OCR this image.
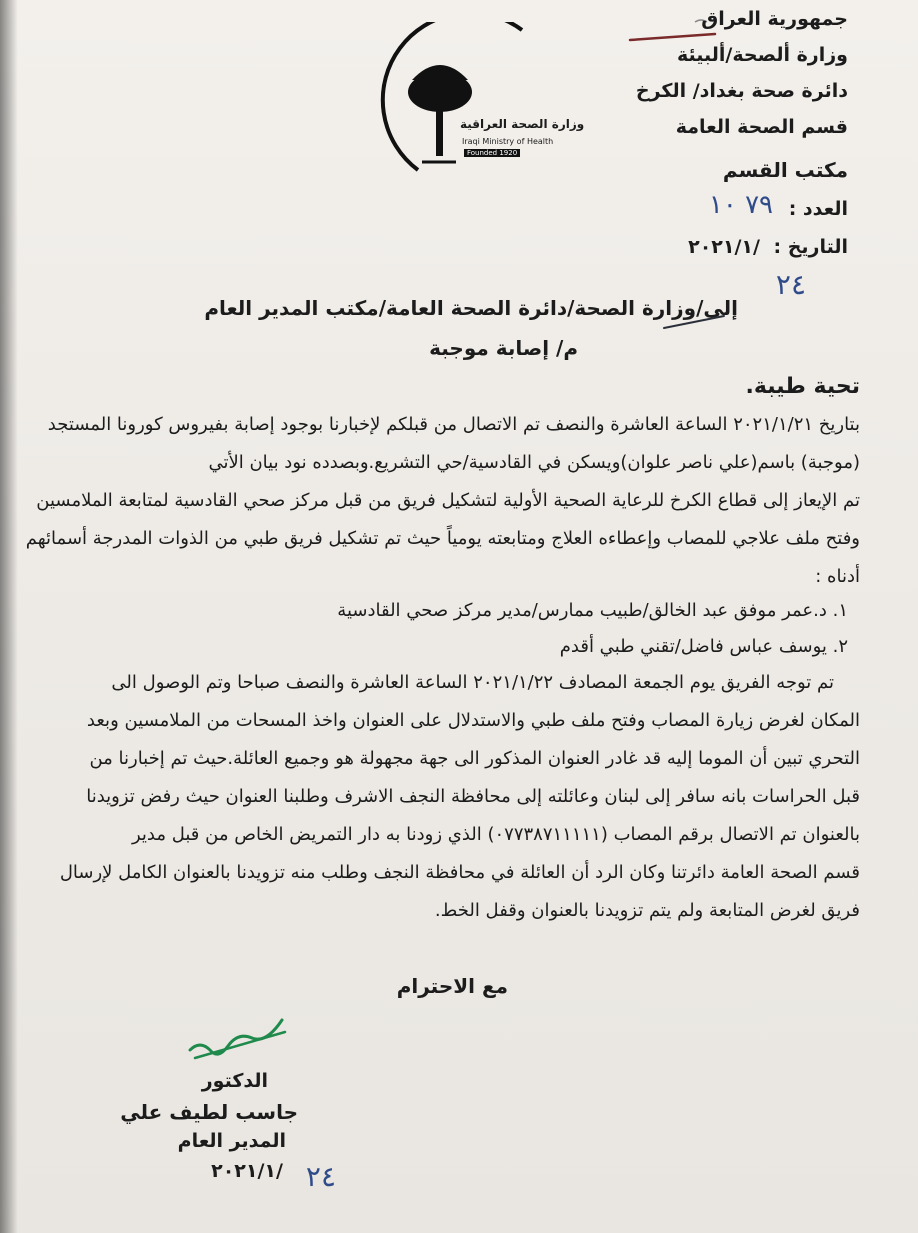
وزارة الصحة العراقية
Iraqi Ministry of Health
Founded 1920
جمهورية العراق
وزارة ألصحة/ألبيئة
دائرة صحة بغداد/ الكرخ
قسم الصحة العامة
مكتب القسم
العدد :
٧٩ ١٠
التاريخ :
/٢٠٢١/١
٢٤
إلى/وزارة الصحة/دائرة الصحة العامة/مكتب المدير العام
م/ إصابة موجبة
تحية طيبة.
بتاريخ ٢٠٢١/١/٢١ الساعة العاشرة والنصف تم الاتصال من قبلكم لإخبارنا بوجود إصابة بفيروس كورونا المستجد
(موجبة) باسم(علي ناصر علوان)ويسكن في القادسية/حي التشريع.وبصدده نود بيان الأتي
تم الإيعاز إلى قطاع الكرخ للرعاية الصحية الأولية لتشكيل فريق من قبل مركز صحي القادسية لمتابعة الملامسين
وفتح ملف علاجي للمصاب وإعطاءه العلاج ومتابعته يومياً حيث تم تشكيل فريق طبي من الذوات المدرجة أسمائهم
أدناه :
١. د.عمر موفق عبد الخالق/طبيب ممارس/مدير مركز صحي القادسية
٢. يوسف عباس فاضل/تقني طبي أقدم
تم توجه الفريق يوم الجمعة المصادف ٢٠٢١/١/٢٢ الساعة العاشرة والنصف صباحا وتم الوصول الى
المكان لغرض زيارة المصاب وفتح ملف طبي والاستدلال على العنوان واخذ المسحات من الملامسين وبعد
التحري تبين أن الموما إليه قد غادر العنوان المذكور الى جهة مجهولة هو وجميع العائلة.حيث تم إخبارنا من
قبل الحراسات بانه سافر إلى لبنان وعائلته إلى محافظة النجف الاشرف وطلبنا العنوان حيث رفض تزويدنا
بالعنوان تم الاتصال برقم المصاب (٠٧٧٣٨٧١١١١١) الذي زودنا به دار التمريض الخاص من قبل مدير
قسم الصحة العامة دائرتنا وكان الرد أن العائلة في محافظة النجف وطلب منه تزويدنا بالعنوان الكامل لإرسال
فريق لغرض المتابعة ولم يتم تزويدنا بالعنوان وقفل الخط.
مع الاحترام
الدكتور
جاسب لطيف علي
المدير العام
/٢٠٢١/١ ٢٤
